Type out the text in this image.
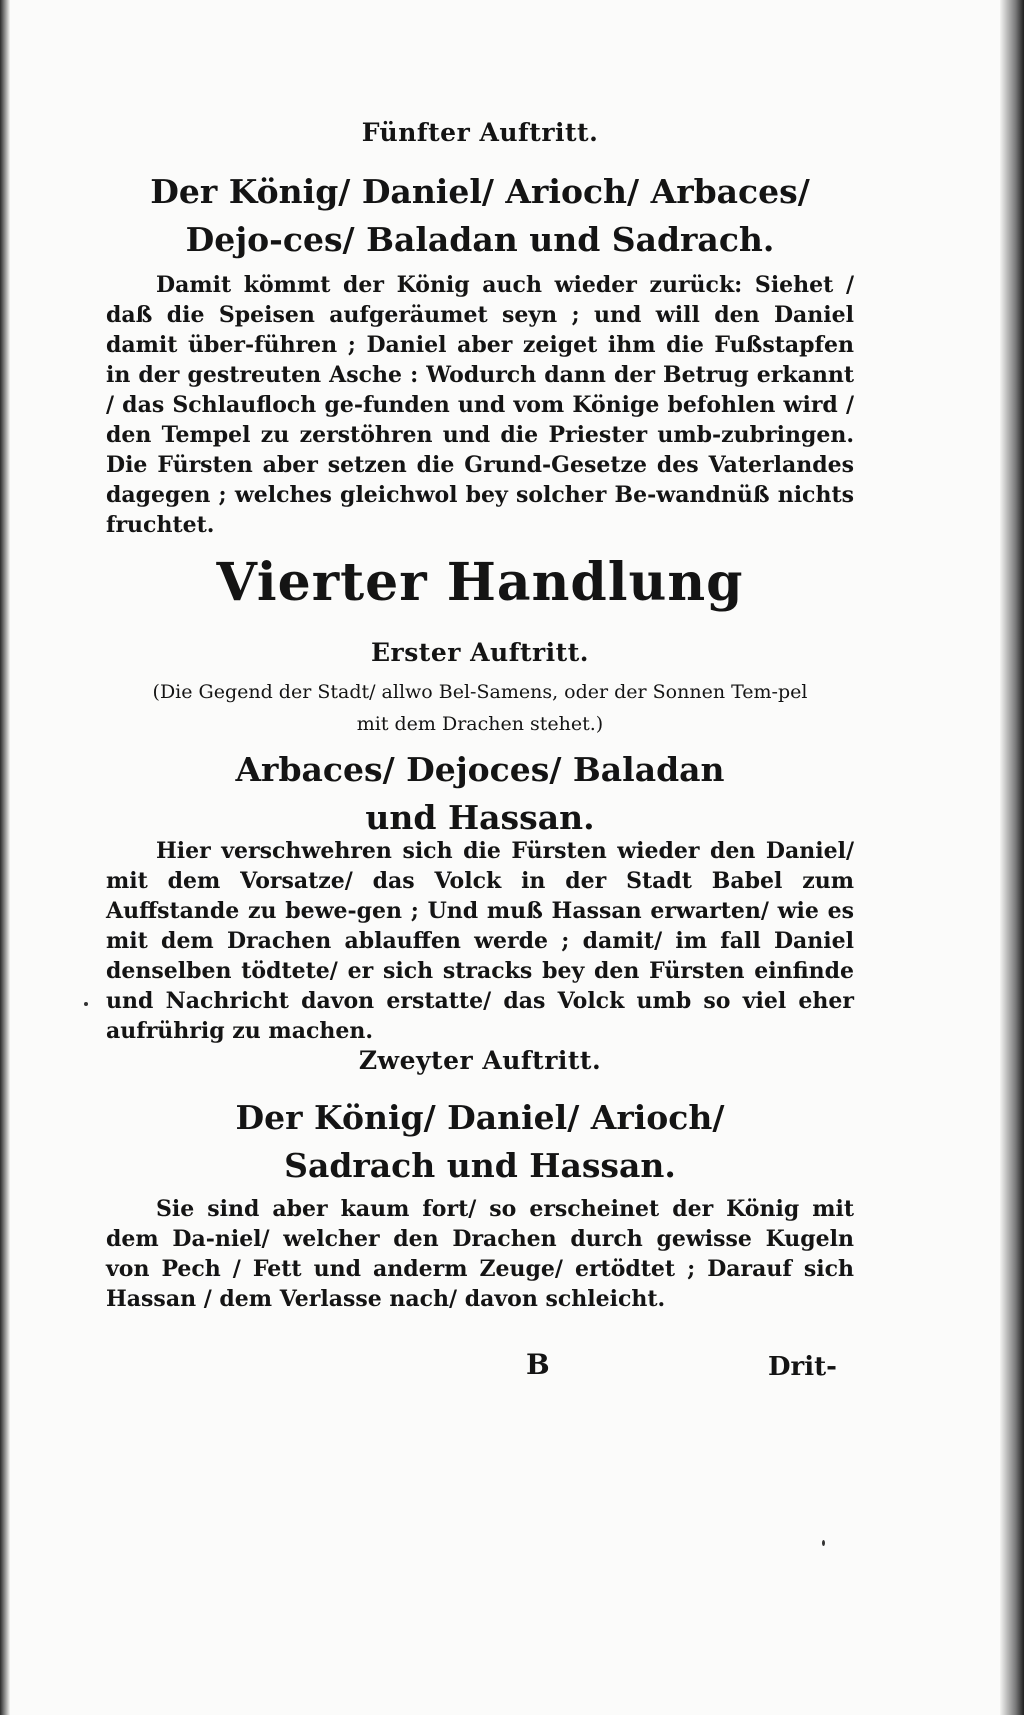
Fünfter Auftritt.
Der König/ Daniel/ Arioch/ Arbaces/ Dejo-ces/ Baladan und Sadrach.

Damit kömmt der König auch wieder zurück: Siehet / daß die Speisen aufgeräumet seyn ; und will den Daniel damit über-führen ; Daniel aber zeiget ihm die Fußstapfen in der gestreuten Asche : Wodurch dann der Betrug erkannt / das Schlaufloch ge-funden und vom Könige befohlen wird / den Tempel zu zerstöhren und die Priester umb-zubringen. Die Fürsten aber setzen die Grund-Gesetze des Vaterlandes dagegen ; welches gleichwol bey solcher Be-wandnüß nichts fruchtet.

Vierter Handlung
Erster Auftritt.

(Die Gegend der Stadt/ allwo Bel-Samens, oder der Sonnen Tem-pel mit dem Drachen stehet.)

Arbaces/ Dejoces/ Baladan und Hassan.

Hier verschwehren sich die Fürsten wieder den Daniel/ mit dem Vorsatze/ das Volck in der Stadt Babel zum Auffstande zu bewe-gen ; Und muß Hassan erwarten/ wie es mit dem Drachen ablauffen werde ; damit/ im fall Daniel denselben tödtete/ er sich stracks bey den Fürsten einfinde und Nachricht davon erstatte/ das Volck umb so viel eher aufrührig zu machen.

Zweyter Auftritt.
Der König/ Daniel/ Arioch/ Sadrach und Hassan.

Sie sind aber kaum fort/ so erscheinet der König mit dem Da-niel/ welcher den Drachen durch gewisse Kugeln von Pech / Fett und anderm Zeuge/ ertödtet ; Darauf sich Hassan / dem Verlasse nach/ davon schleicht.

B	Drit-
